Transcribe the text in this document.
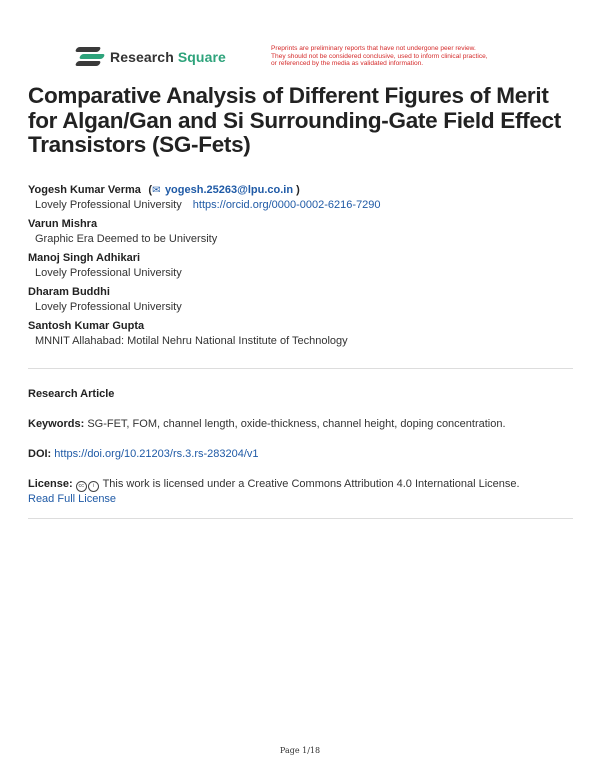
Research Square
Preprints are preliminary reports that have not undergone peer review.
They should not be considered conclusive, used to inform clinical practice,
or referenced by the media as validated information.
Comparative Analysis of Different Figures of Merit for Algan/Gan and Si Surrounding-Gate Field Effect Transistors (SG-Fets)
Yogesh Kumar Verma  (✉ yogesh.25263@lpu.co.in )
Lovely Professional University https://orcid.org/0000-0002-6216-7290
Varun Mishra
Graphic Era Deemed to be University
Manoj Singh Adhikari
Lovely Professional University
Dharam Buddhi
Lovely Professional University
Santosh Kumar Gupta
MNNIT Allahabad: Motilal Nehru National Institute of Technology
Research Article
Keywords: SG-FET, FOM, channel length, oxide-thickness, channel height, doping concentration.
DOI: https://doi.org/10.21203/rs.3.rs-283204/v1
License: cc i This work is licensed under a Creative Commons Attribution 4.0 International License.
Read Full License
Page 1/18
